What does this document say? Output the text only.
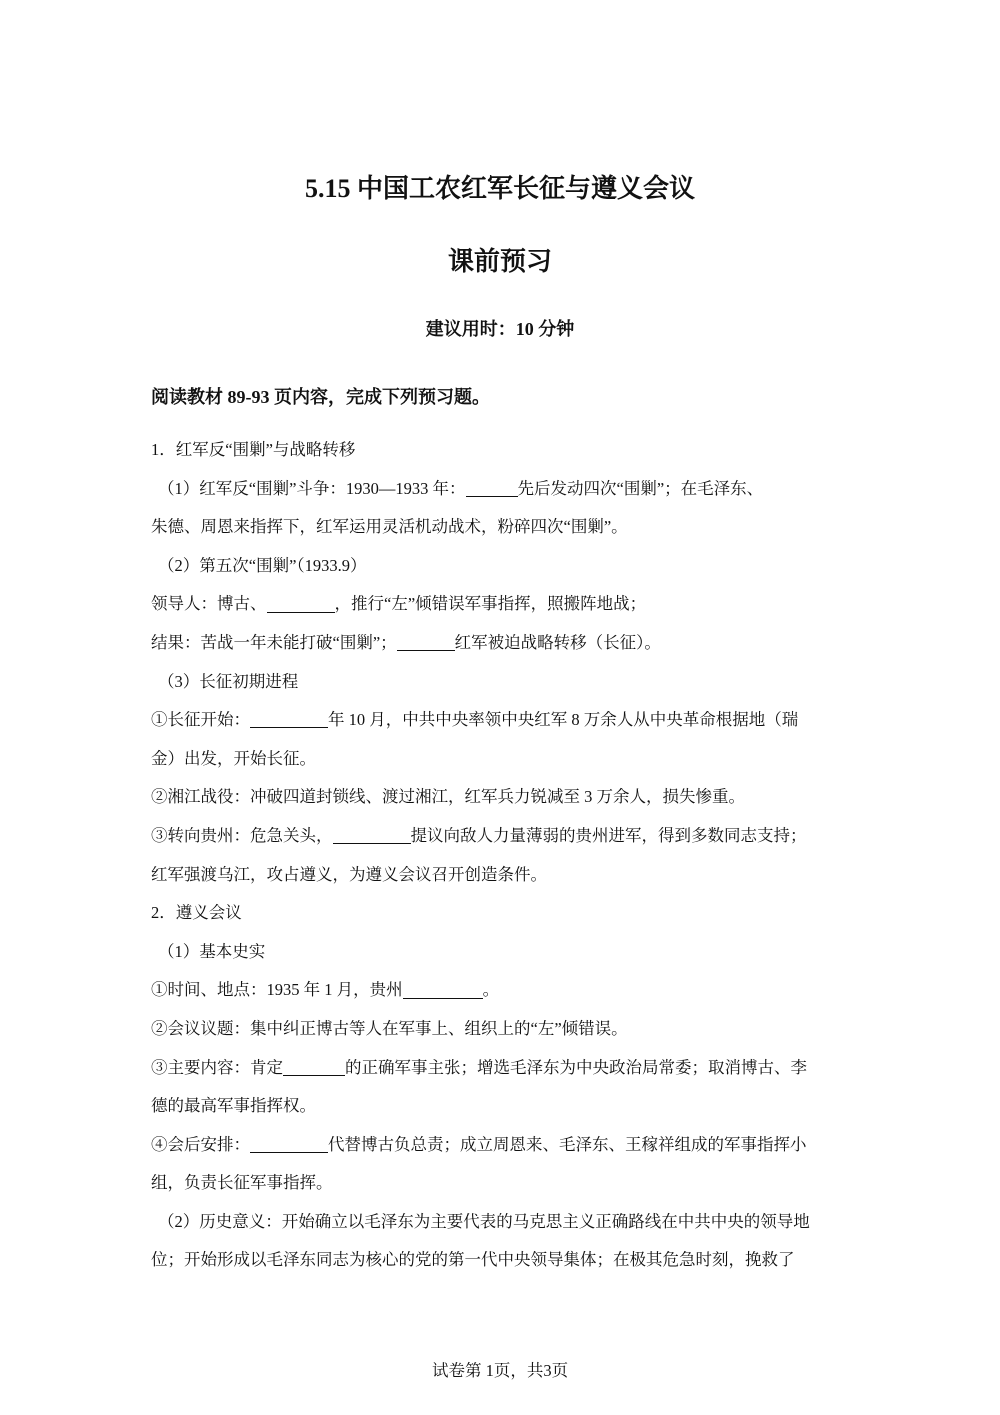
5.15 中国工农红军长征与遵义会议
课前预习
建议用时：10 分钟
阅读教材 89-93 页内容，完成下列预习题。
1．红军反“围剿”与战略转移
（1）红军反“围剿”斗争：1930—1933 年：	先后发动四次“围剿”；在毛泽东、
朱德、周恩来指挥下，红军运用灵活机动战术，粉碎四次“围剿”。
（2）第五次“围剿”（1933.9）
领导人：博古、	，推行“左”倾错误军事指挥，照搬阵地战；
结果：苦战一年未能打破“围剿”；	红军被迫战略转移（长征）。
（3）长征初期进程
①长征开始：	年 10 月，中共中央率领中央红军 8 万余人从中央革命根据地（瑞
金）出发，开始长征。
②湘江战役：冲破四道封锁线、渡过湘江，红军兵力锐减至 3 万余人，损失惨重。
③转向贵州：危急关头，	提议向敌人力量薄弱的贵州进军，得到多数同志支持；
红军强渡乌江，攻占遵义，为遵义会议召开创造条件。
2．遵义会议
（1）基本史实
①时间、地点：1935 年 1 月，贵州	。
②会议议题：集中纠正博古等人在军事上、组织上的“左”倾错误。
③主要内容：肯定	的正确军事主张；增选毛泽东为中央政治局常委；取消博古、李
德的最高军事指挥权。
④会后安排：	代替博古负总责；成立周恩来、毛泽东、王稼祥组成的军事指挥小
组，负责长征军事指挥。
（2）历史意义：开始确立以毛泽东为主要代表的马克思主义正确路线在中共中央的领导地
位；开始形成以毛泽东同志为核心的党的第一代中央领导集体；在极其危急时刻，挽救了
试卷第 1页，共3页
